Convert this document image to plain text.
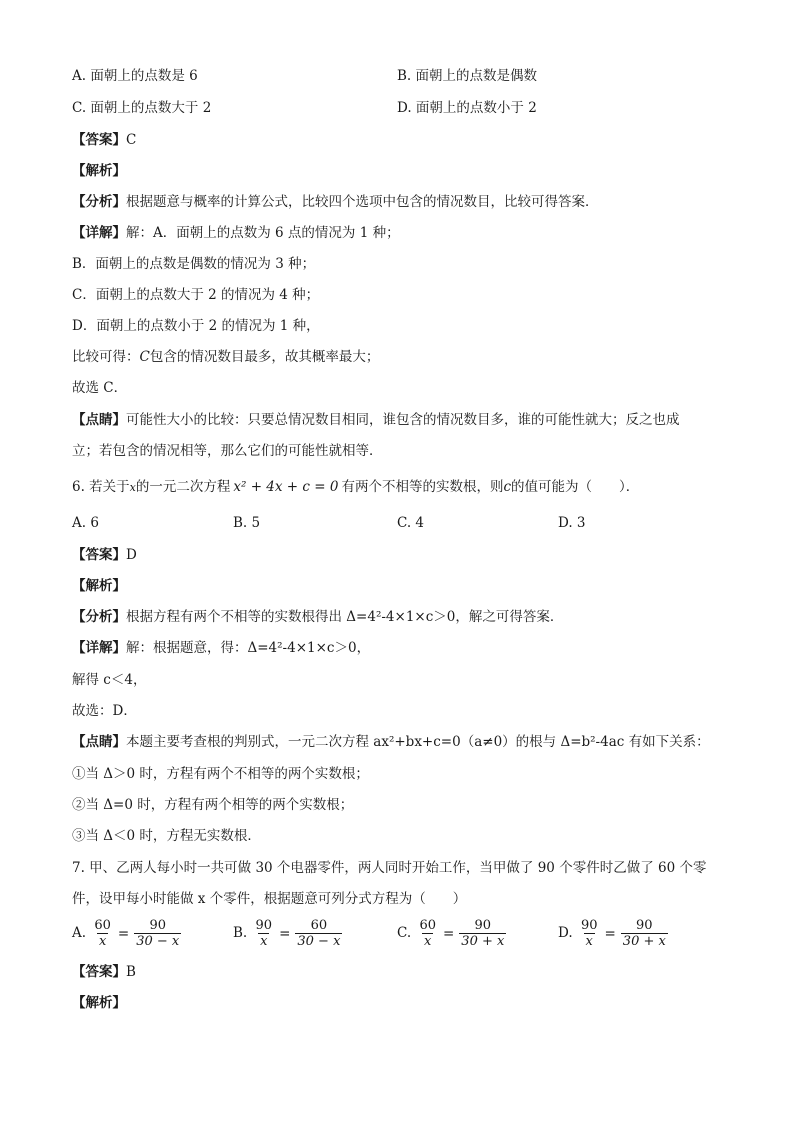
A. 面朝上的点数是 6	B. 面朝上的点数是偶数
C. 面朝上的点数大于 2	D. 面朝上的点数小于 2
【答案】C
【解析】
【分析】根据题意与概率的计算公式，比较四个选项中包含的情况数目，比较可得答案．
【详解】解：A．面朝上的点数为 6 点的情况为 1 种；
B．面朝上的点数是偶数的情况为 3 种；
C．面朝上的点数大于 2 的情况为 4 种；
D．面朝上的点数小于 2 的情况为 1 种，
比较可得：C包含的情况数目最多，故其概率最大；
故选 C．
【点睛】可能性大小的比较：只要总情况数目相同，谁包含的情况数目多，谁的可能性就大；反之也成
立；若包含的情况相等，那么它们的可能性就相等．
6. 若关于x的一元二次方程 x² + 4x + c = 0 有两个不相等的实数根，则c的值可能为（　　）．
A. 6	B. 5	C. 4	D. 3
【答案】D
【解析】
【分析】根据方程有两个不相等的实数根得出 Δ=4²-4×1×c＞0，解之可得答案．
【详解】解：根据题意，得：Δ=4²-4×1×c＞0，
解得 c＜4，
故选：D．
【点睛】本题主要考查根的判别式，一元二次方程 ax²+bx+c=0（a≠0）的根与 Δ=b²-4ac 有如下关系：
①当 Δ＞0 时，方程有两个不相等的两个实数根；
②当 Δ=0 时，方程有两个相等的两个实数根；
③当 Δ＜0 时，方程无实数根．
7. 甲、乙两人每小时一共可做 30 个电器零件，两人同时开始工作，当甲做了 90 个零件时乙做了 60 个零
件，设甲每小时能做 x 个零件，根据题意可列分式方程为（　　）
A. $\frac{60}{x} = \frac{90}{30 - x}$	B. $\frac{90}{x} = \frac{60}{30 - x}$	C. $\frac{60}{x} = \frac{90}{30 + x}$	D. $\frac{90}{x} = \frac{90}{30 + x}$
【答案】B
【解析】
